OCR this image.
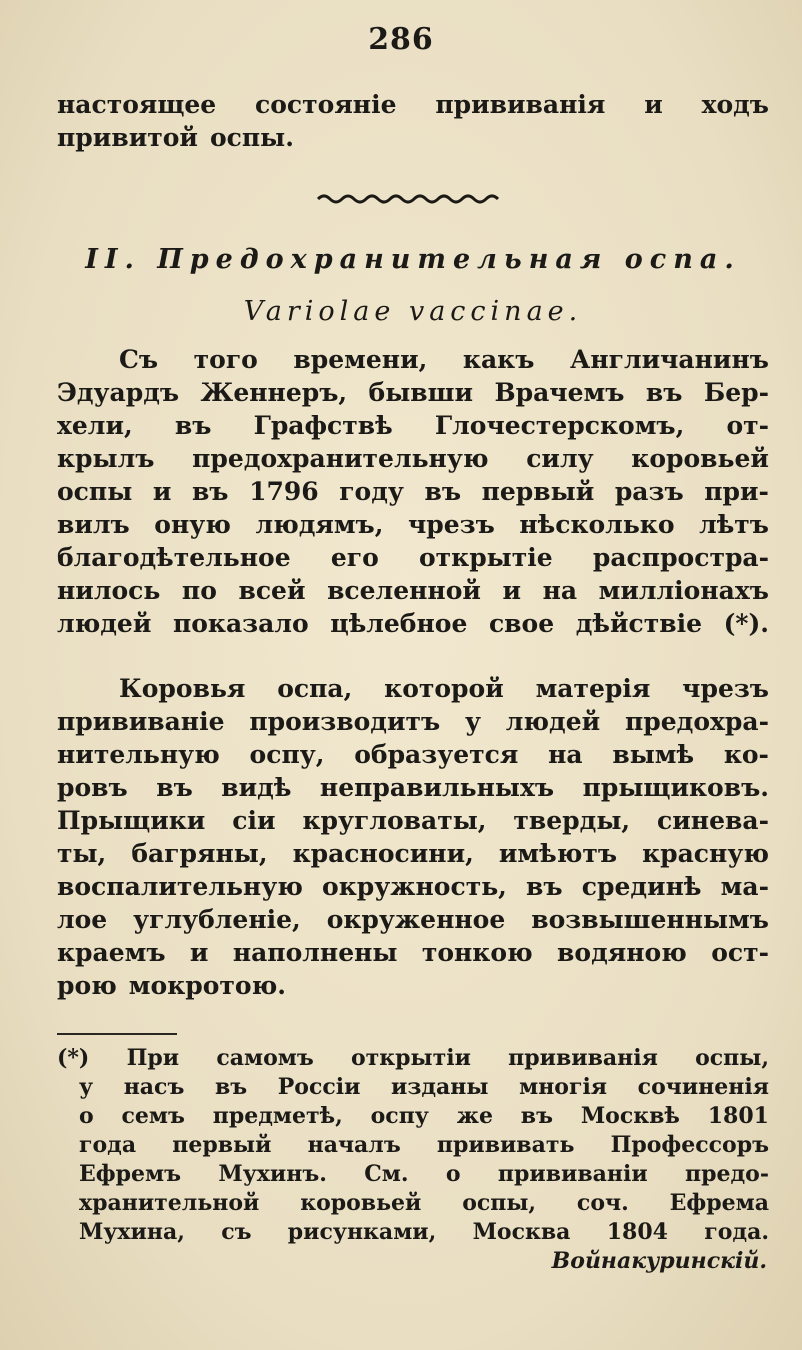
286
настоящее состоянiе прививанiя и ходъ
привитой оспы.
II. Предохранительная оспа.
Variolae vaccinae.
Съ того времени, какъ Англичанинъ
Эдуардъ Женнеръ, бывши Врачемъ въ Бер-
хели, въ Графствѣ Глочестерскомъ, от-
крылъ предохранительную силу коровьей
оспы и въ 1796 году въ первый разъ при-
вилъ оную людямъ, чрезъ нѣсколько лѣтъ
благодѣтельное его открытiе распростра-
нилось по всей вселенной и на миллiонахъ
людей показало цѣлебное свое дѣйствiе (*).
Коровья оспа, которой матерiя чрезъ
прививанiе производитъ у людей предохра-
нительную оспу, образуется на вымѣ ко-
ровъ въ видѣ неправильныхъ прыщиковъ.
Прыщики сiи кругловаты, тверды, синева-
ты, багряны, красносини, имѣютъ красную
воспалительную окружность, въ срединѣ ма-
лое углубленiе, окруженное возвышеннымъ
краемъ и наполнены тонкою водяною ост-
рою мокротою.
(*) При самомъ открытiи прививанiя оспы,
у насъ въ Россiи изданы многiя сочиненiя
о семъ предметѣ, оспу же въ Москвѣ 1801
года первый началъ прививать Профессоръ
Ефремъ Мухинъ. См. о прививанiи предо-
хранительной коровьей оспы, соч. Ефрема
Мухина, съ рисунками, Москва 1804 года.
Войнакуринскiй.
